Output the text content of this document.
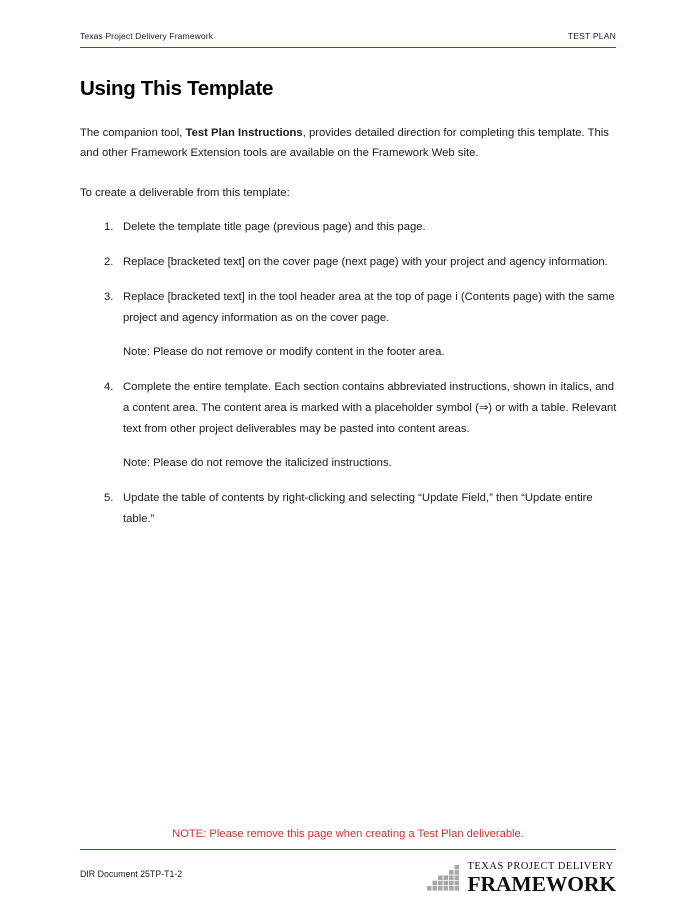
Texas Project Delivery Framework	TEST PLAN
Using This Template

The companion tool, Test Plan Instructions, provides detailed direction for completing this template. This and other Framework Extension tools are available on the Framework Web site.

To create a deliverable from this template:

1. Delete the template title page (previous page) and this page.
2. Replace [bracketed text] on the cover page (next page) with your project and agency information.
3. Replace [bracketed text] in the tool header area at the top of page i (Contents page) with the same project and agency information as on the cover page.
Note: Please do not remove or modify content in the footer area.
4. Complete the entire template. Each section contains abbreviated instructions, shown in italics, and a content area. The content area is marked with a placeholder symbol (⇒) or with a table. Relevant text from other project deliverables may be pasted into content areas.
Note: Please do not remove the italicized instructions.
5. Update the table of contents by right-clicking and selecting “Update Field,” then “Update entire table.”
NOTE: Please remove this page when creating a Test Plan deliverable.
DIR Document 25TP-T1-2
TEXAS PROJECT DELIVERY
FRAMEWORK
